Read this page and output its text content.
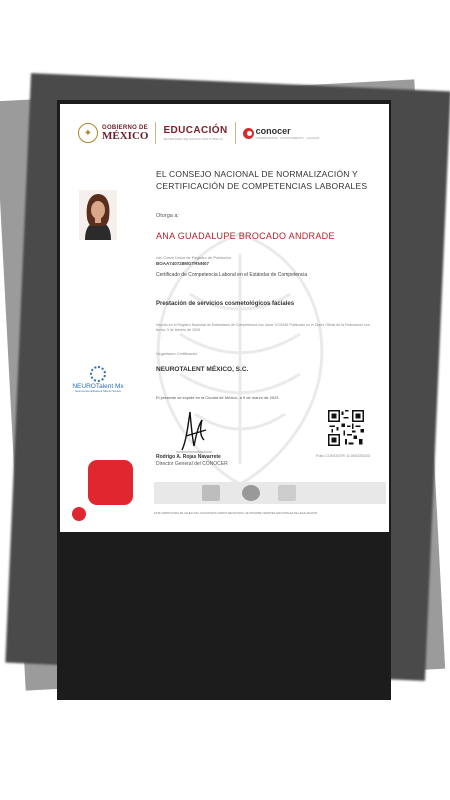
✦	GOBIERNO DE
MÉXICO EDUCACIÓN
SECRETARÍA DE EDUCACIÓN PÚBLICA
conocer
COMPETENCIA · CONOCIMIENTO · CALIDAD
EL CONSEJO NACIONAL DE NORMALIZACIÓN Y CERTIFICACIÓN DE COMPETENCIAS LABORALES
Otorga a:
ANA GUADALUPE BROCADO ANDRADE
con Clave Única de Registro de Población
BOAA740728MGTRNN07
Certificado de Competencia Laboral en el Estándar de Competencia
Prestación de servicios cosmetológicos faciales
Inscrito en el Registro Nacional de Estándares de Competencia con clave: EC0046 Publicado en el Diario Oficial de la Federación con fecha: 3 de febrero de 2009
NEUROTalent Mx
Neurociencia aplicada al Talento Humano
Organismo Certificador
NEUROTALENT MÉXICO, S.C.
El presente se expide en la Ciudad de México, a 9 de marzo de 2023
Rodrigo A. Rojas Navarrete
Director General del CONOCER
Folio CONOCER: D-000325203
ESTE CERTIFICADO ES VÁLIDO EN LOS ESTADOS UNIDOS MEXICANOS, SE INSCRIBE TRÁMITES ADICIONALES DE LEGALIZACIÓN
